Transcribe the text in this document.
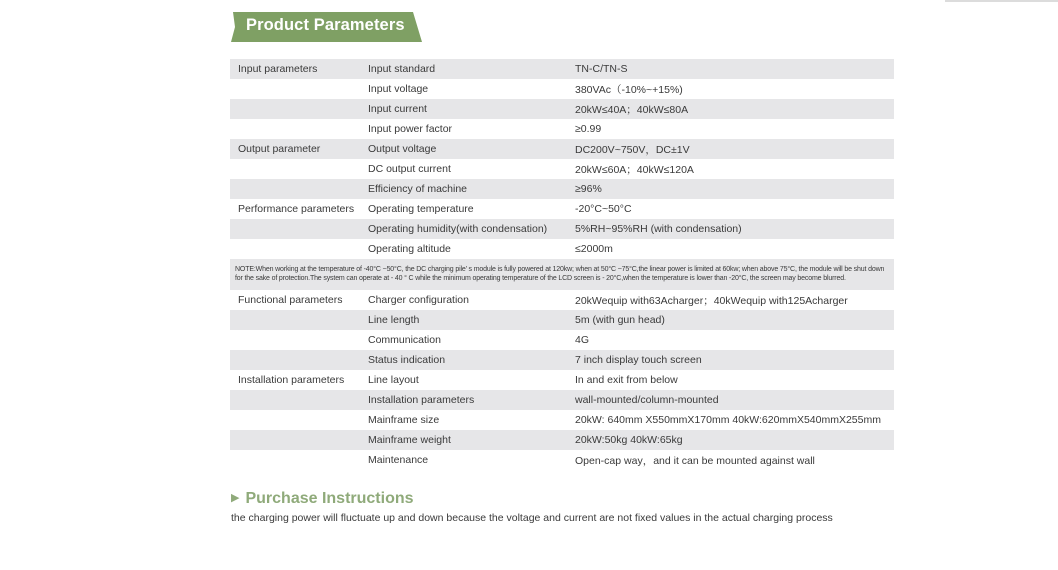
Product Parameters
Input parameters	Input standard	TN-C/TN-S
	Input voltage	380VAc（-10%~+15%)
	Input current	20kW≤40A；40kW≤80A
	Input power factor	≥0.99
Output parameter	Output voltage	DC200V~750V，DC±1V
	DC output current	20kW≤60A；40kW≤120A
	Efficiency of machine	≥96%
Performance parameters	Operating temperature	-20°C~50°C
	Operating humidity(with condensation)	5%RH~95%RH (with condensation)
	Operating altitude	≤2000m
NOTE:When working at the temperature of -40°C ~50°C, the DC charging pile’ s module is fully powered at 120kw; when at 50°C ~75°C,the linear power is limited at 60kw; when above 75°C, the module will be shut down for the sake of protection.The system can operate at - 40 ° C while the minimum operating temperature of the LCD screen is - 20°C,when the temperature is lower than -20°C, the screen may become blurred.		
Functional parameters	Charger configuration	20kWequip with63Acharger；40kWequip with125Acharger
	Line length	5m (with gun head)
	Communication	4G
	Status indication	7 inch display touch screen
Installation parameters	Line layout	In and exit from below
	Installation parameters	wall-mounted/column-mounted
	Mainframe size	20kW: 640mm X550mmX170mm 40kW:620mmX540mmX255mm
	Mainframe weight	20kW:50kg 40kW:65kg
	Maintenance	Open-cap way，and it can be mounted against wall
▶ Purchase Instructions
the charging power will fluctuate up and down because the voltage and current are not fixed values in the actual charging process
